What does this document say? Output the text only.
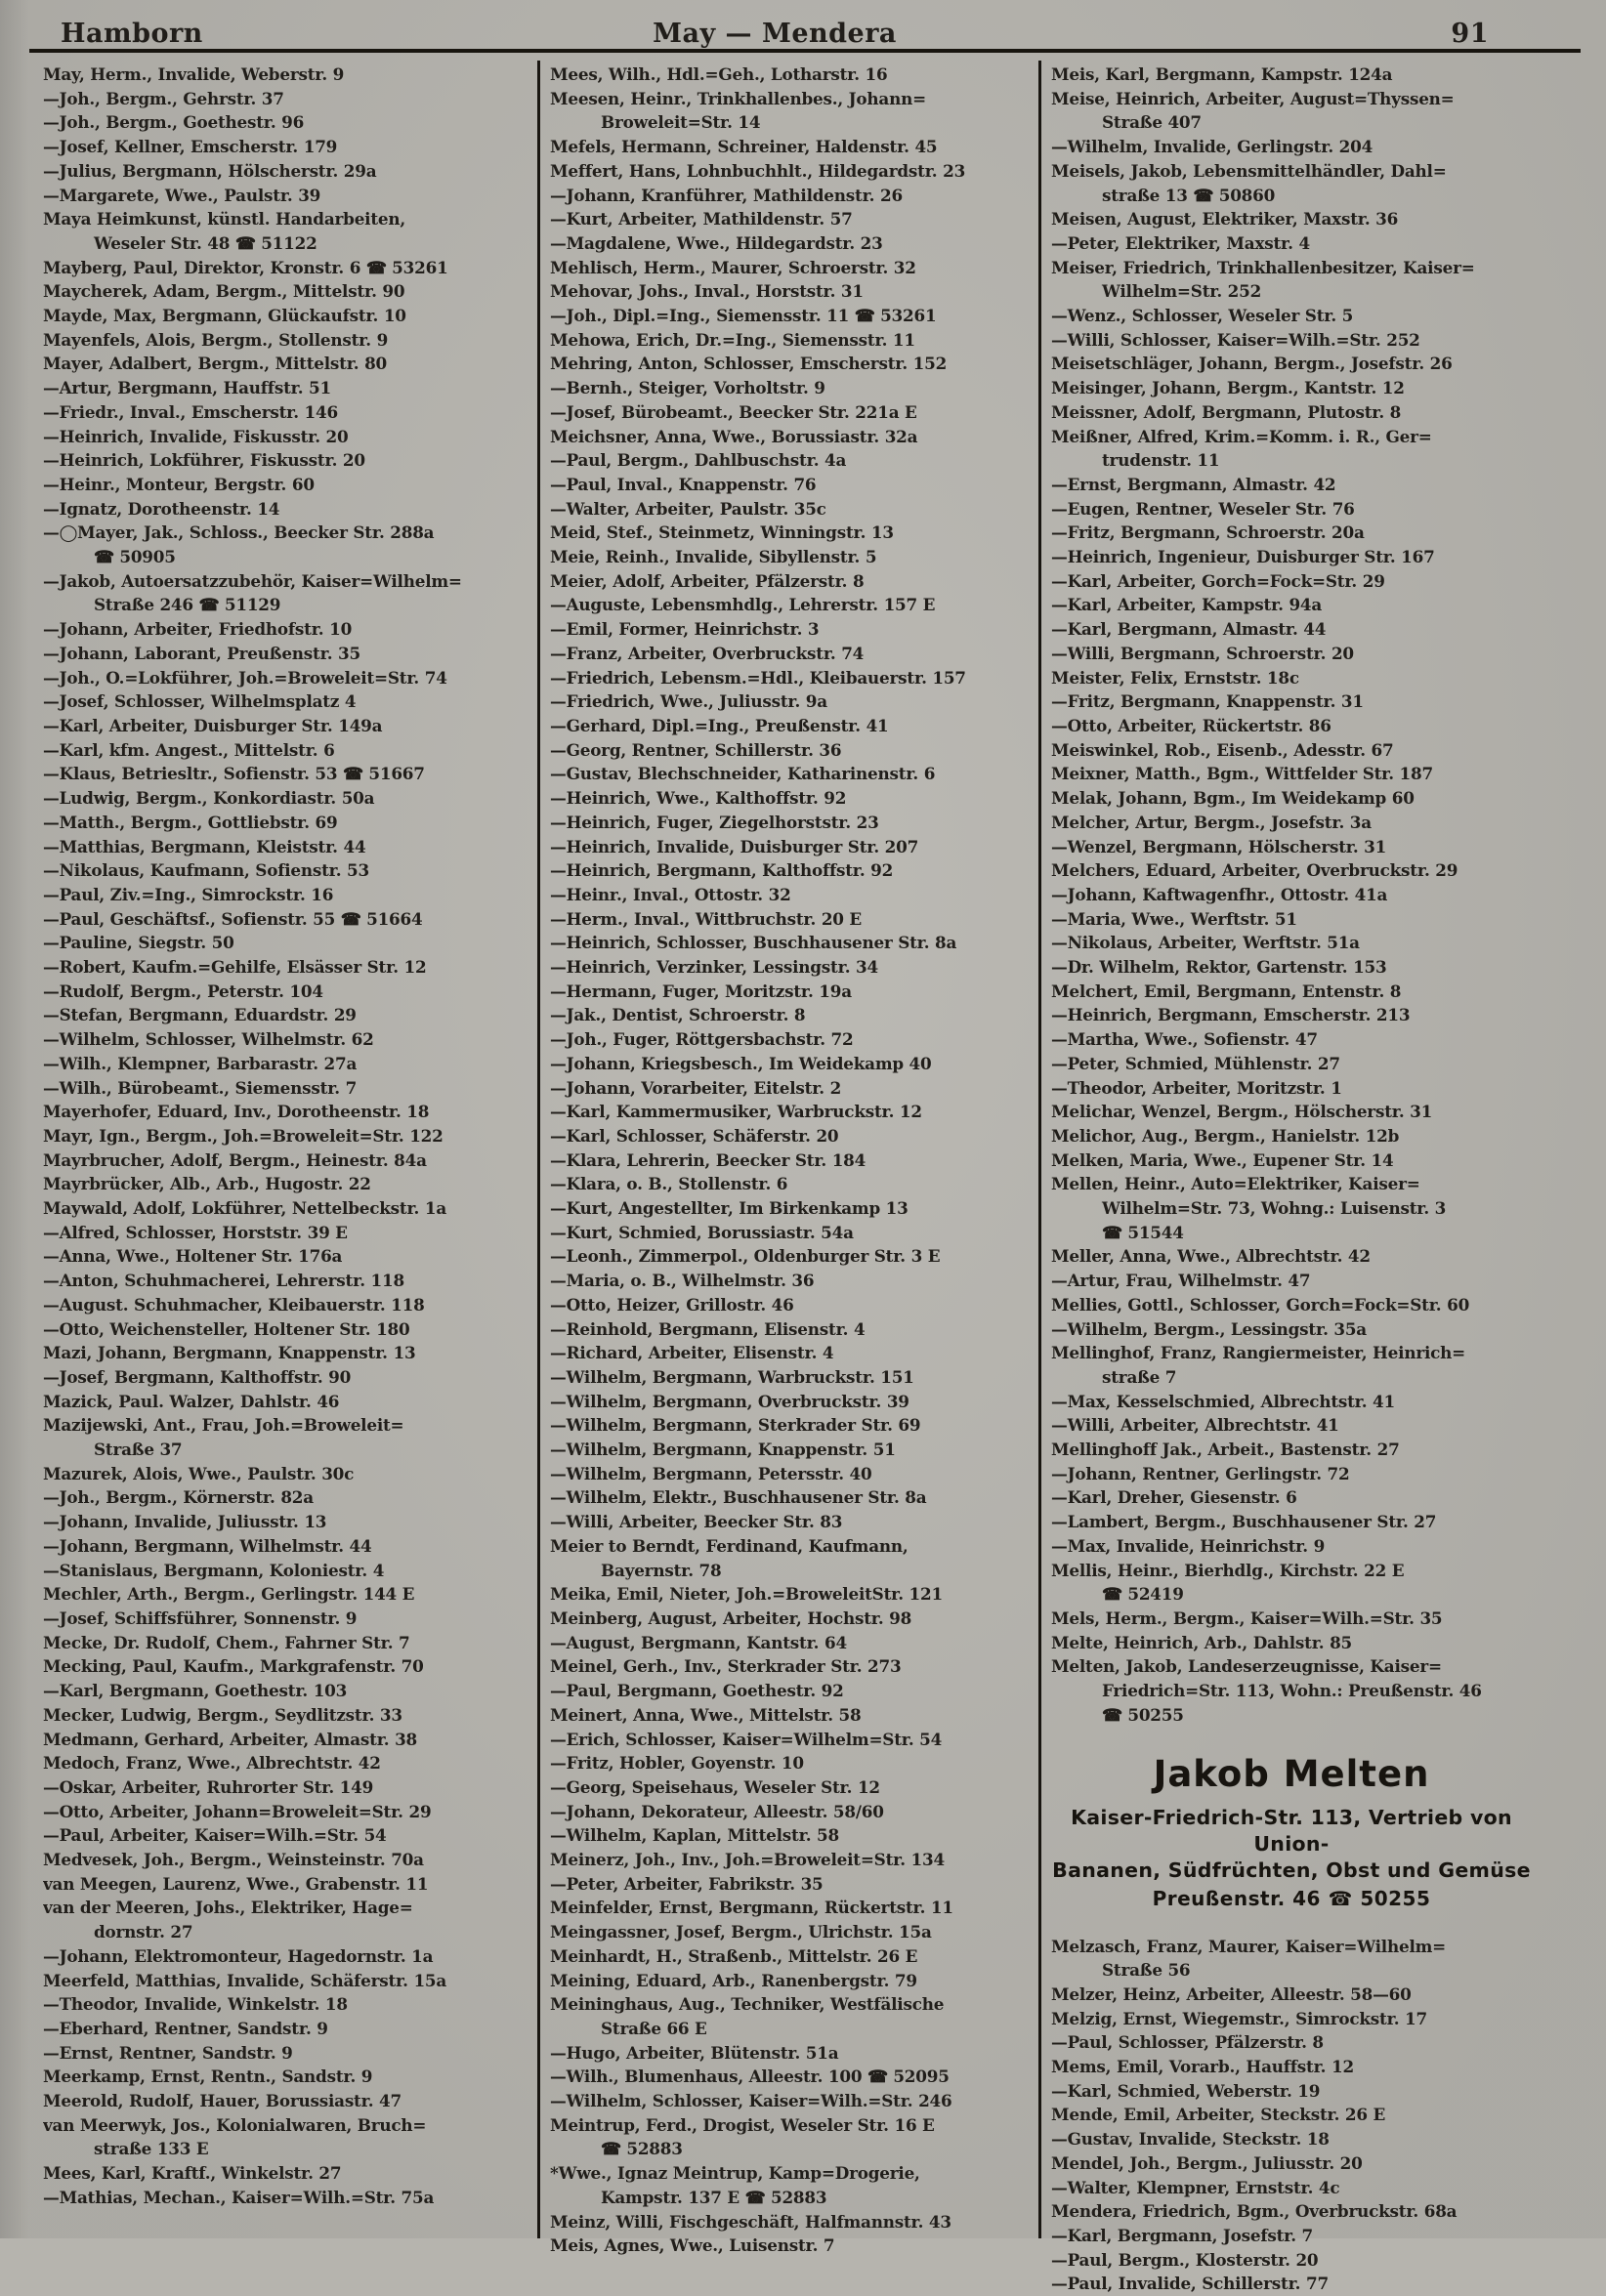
Hamborn	May — Mendera	91
May, Herm., Invalide, Weberstr. 9
—Joh., Bergm., Gehrstr. 37
—Joh., Bergm., Goethestr. 96
—Josef, Kellner, Emscherstr. 179
—Julius, Bergmann, Hölscherstr. 29a
—Margarete, Wwe., Paulstr. 39
Maya Heimkunst, künstl. Handarbeiten,
Weseler Str. 48 ☎ 51122
Mayberg, Paul, Direktor, Kronstr. 6 ☎ 53261
Maycherek, Adam, Bergm., Mittelstr. 90
Mayde, Max, Bergmann, Glückaufstr. 10
Mayenfels, Alois, Bergm., Stollenstr. 9
Mayer, Adalbert, Bergm., Mittelstr. 80
—Artur, Bergmann, Hauffstr. 51
—Friedr., Inval., Emscherstr. 146
—Heinrich, Invalide, Fiskusstr. 20
—Heinrich, Lokführer, Fiskusstr. 20
—Heinr., Monteur, Bergstr. 60
—Ignatz, Dorotheenstr. 14
—◯Mayer, Jak., Schloss., Beecker Str. 288a
☎ 50905
—Jakob, Autoersatzzubehör, Kaiser=Wilhelm=
Straße 246 ☎ 51129
—Johann, Arbeiter, Friedhofstr. 10
—Johann, Laborant, Preußenstr. 35
—Joh., O.=Lokführer, Joh.=Broweleit=Str. 74
—Josef, Schlosser, Wilhelmsplatz 4
—Karl, Arbeiter, Duisburger Str. 149a
—Karl, kfm. Angest., Mittelstr. 6
—Klaus, Betriesltr., Sofienstr. 53 ☎ 51667
—Ludwig, Bergm., Konkordiastr. 50a
—Matth., Bergm., Gottliebstr. 69
—Matthias, Bergmann, Kleiststr. 44
—Nikolaus, Kaufmann, Sofienstr. 53
—Paul, Ziv.=Ing., Simrockstr. 16
—Paul, Geschäftsf., Sofienstr. 55 ☎ 51664
—Pauline, Siegstr. 50
—Robert, Kaufm.=Gehilfe, Elsässer Str. 12
—Rudolf, Bergm., Peterstr. 104
—Stefan, Bergmann, Eduardstr. 29
—Wilhelm, Schlosser, Wilhelmstr. 62
—Wilh., Klempner, Barbarastr. 27a
—Wilh., Bürobeamt., Siemensstr. 7
Mayerhofer, Eduard, Inv., Dorotheenstr. 18
Mayr, Ign., Bergm., Joh.=Broweleit=Str. 122
Mayrbrucher, Adolf, Bergm., Heinestr. 84a
Mayrbrücker, Alb., Arb., Hugostr. 22
Maywald, Adolf, Lokführer, Nettelbeckstr. 1a
—Alfred, Schlosser, Horststr. 39 E
—Anna, Wwe., Holtener Str. 176a
—Anton, Schuhmacherei, Lehrerstr. 118
—August. Schuhmacher, Kleibauerstr. 118
—Otto, Weichensteller, Holtener Str. 180
Mazi, Johann, Bergmann, Knappenstr. 13
—Josef, Bergmann, Kalthoffstr. 90
Mazick, Paul. Walzer, Dahlstr. 46
Mazijewski, Ant., Frau, Joh.=Broweleit=
Straße 37
Mazurek, Alois, Wwe., Paulstr. 30c
—Joh., Bergm., Körnerstr. 82a
—Johann, Invalide, Juliusstr. 13
—Johann, Bergmann, Wilhelmstr. 44
—Stanislaus, Bergmann, Koloniestr. 4
Mechler, Arth., Bergm., Gerlingstr. 144 E
—Josef, Schiffsführer, Sonnenstr. 9
Mecke, Dr. Rudolf, Chem., Fahrner Str. 7
Mecking, Paul, Kaufm., Markgrafenstr. 70
—Karl, Bergmann, Goethestr. 103
Mecker, Ludwig, Bergm., Seydlitzstr. 33
Medmann, Gerhard, Arbeiter, Almastr. 38
Medoch, Franz, Wwe., Albrechtstr. 42
—Oskar, Arbeiter, Ruhrorter Str. 149
—Otto, Arbeiter, Johann=Broweleit=Str. 29
—Paul, Arbeiter, Kaiser=Wilh.=Str. 54
Medvesek, Joh., Bergm., Weinsteinstr. 70a
van Meegen, Laurenz, Wwe., Grabenstr. 11
van der Meeren, Johs., Elektriker, Hage=
dornstr. 27
—Johann, Elektromonteur, Hagedornstr. 1a
Meerfeld, Matthias, Invalide, Schäferstr. 15a
—Theodor, Invalide, Winkelstr. 18
—Eberhard, Rentner, Sandstr. 9
—Ernst, Rentner, Sandstr. 9
Meerkamp, Ernst, Rentn., Sandstr. 9
Meerold, Rudolf, Hauer, Borussiastr. 47
van Meerwyk, Jos., Kolonialwaren, Bruch=
straße 133 E
Mees, Karl, Kraftf., Winkelstr. 27
—Mathias, Mechan., Kaiser=Wilh.=Str. 75a
Mees, Wilh., Hdl.=Geh., Lotharstr. 16
Meesen, Heinr., Trinkhallenbes., Johann=
Broweleit=Str. 14
Mefels, Hermann, Schreiner, Haldenstr. 45
Meffert, Hans, Lohnbuchhlt., Hildegardstr. 23
—Johann, Kranführer, Mathildenstr. 26
—Kurt, Arbeiter, Mathildenstr. 57
—Magdalene, Wwe., Hildegardstr. 23
Mehlisch, Herm., Maurer, Schroerstr. 32
Mehovar, Johs., Inval., Horststr. 31
—Joh., Dipl.=Ing., Siemensstr. 11 ☎ 53261
Mehowa, Erich, Dr.=Ing., Siemensstr. 11
Mehring, Anton, Schlosser, Emscherstr. 152
—Bernh., Steiger, Vorholtstr. 9
—Josef, Bürobeamt., Beecker Str. 221a E
Meichsner, Anna, Wwe., Borussiastr. 32a
—Paul, Bergm., Dahlbuschstr. 4a
—Paul, Inval., Knappenstr. 76
—Walter, Arbeiter, Paulstr. 35c
Meid, Stef., Steinmetz, Winningstr. 13
Meie, Reinh., Invalide, Sibyllenstr. 5
Meier, Adolf, Arbeiter, Pfälzerstr. 8
—Auguste, Lebensmhdlg., Lehrerstr. 157 E
—Emil, Former, Heinrichstr. 3
—Franz, Arbeiter, Overbruckstr. 74
—Friedrich, Lebensm.=Hdl., Kleibauerstr. 157
—Friedrich, Wwe., Juliusstr. 9a
—Gerhard, Dipl.=Ing., Preußenstr. 41
—Georg, Rentner, Schillerstr. 36
—Gustav, Blechschneider, Katharinenstr. 6
—Heinrich, Wwe., Kalthoffstr. 92
—Heinrich, Fuger, Ziegelhorststr. 23
—Heinrich, Invalide, Duisburger Str. 207
—Heinrich, Bergmann, Kalthoffstr. 92
—Heinr., Inval., Ottostr. 32
—Herm., Inval., Wittbruchstr. 20 E
—Heinrich, Schlosser, Buschhausener Str. 8a
—Heinrich, Verzinker, Lessingstr. 34
—Hermann, Fuger, Moritzstr. 19a
—Jak., Dentist, Schroerstr. 8
—Joh., Fuger, Röttgersbachstr. 72
—Johann, Kriegsbesch., Im Weidekamp 40
—Johann, Vorarbeiter, Eitelstr. 2
—Karl, Kammermusiker, Warbruckstr. 12
—Karl, Schlosser, Schäferstr. 20
—Klara, Lehrerin, Beecker Str. 184
—Klara, o. B., Stollenstr. 6
—Kurt, Angestellter, Im Birkenkamp 13
—Kurt, Schmied, Borussiastr. 54a
—Leonh., Zimmerpol., Oldenburger Str. 3 E
—Maria, o. B., Wilhelmstr. 36
—Otto, Heizer, Grillostr. 46
—Reinhold, Bergmann, Elisenstr. 4
—Richard, Arbeiter, Elisenstr. 4
—Wilhelm, Bergmann, Warbruckstr. 151
—Wilhelm, Bergmann, Overbruckstr. 39
—Wilhelm, Bergmann, Sterkrader Str. 69
—Wilhelm, Bergmann, Knappenstr. 51
—Wilhelm, Bergmann, Petersstr. 40
—Wilhelm, Elektr., Buschhausener Str. 8a
—Willi, Arbeiter, Beecker Str. 83
Meier to Berndt, Ferdinand, Kaufmann,
Bayernstr. 78
Meika, Emil, Nieter, Joh.=BroweleitStr. 121
Meinberg, August, Arbeiter, Hochstr. 98
—August, Bergmann, Kantstr. 64
Meinel, Gerh., Inv., Sterkrader Str. 273
—Paul, Bergmann, Goethestr. 92
Meinert, Anna, Wwe., Mittelstr. 58
—Erich, Schlosser, Kaiser=Wilhelm=Str. 54
—Fritz, Hobler, Goyenstr. 10
—Georg, Speisehaus, Weseler Str. 12
—Johann, Dekorateur, Alleestr. 58/60
—Wilhelm, Kaplan, Mittelstr. 58
Meinerz, Joh., Inv., Joh.=Broweleit=Str. 134
—Peter, Arbeiter, Fabrikstr. 35
Meinfelder, Ernst, Bergmann, Rückertstr. 11
Meingassner, Josef, Bergm., Ulrichstr. 15a
Meinhardt, H., Straßenb., Mittelstr. 26 E
Meining, Eduard, Arb., Ranenbergstr. 79
Meininghaus, Aug., Techniker, Westfälische
Straße 66 E
—Hugo, Arbeiter, Blütenstr. 51a
—Wilh., Blumenhaus, Alleestr. 100 ☎ 52095
—Wilhelm, Schlosser, Kaiser=Wilh.=Str. 246
Meintrup, Ferd., Drogist, Weseler Str. 16 E
☎ 52883
*Wwe., Ignaz Meintrup, Kamp=Drogerie,
Kampstr. 137 E ☎ 52883
Meinz, Willi, Fischgeschäft, Halfmannstr. 43
Meis, Agnes, Wwe., Luisenstr. 7
Meis, Karl, Bergmann, Kampstr. 124a
Meise, Heinrich, Arbeiter, August=Thyssen=
Straße 407
—Wilhelm, Invalide, Gerlingstr. 204
Meisels, Jakob, Lebensmittelhändler, Dahl=
straße 13 ☎ 50860
Meisen, August, Elektriker, Maxstr. 36
—Peter, Elektriker, Maxstr. 4
Meiser, Friedrich, Trinkhallenbesitzer, Kaiser=
Wilhelm=Str. 252
—Wenz., Schlosser, Weseler Str. 5
—Willi, Schlosser, Kaiser=Wilh.=Str. 252
Meisetschläger, Johann, Bergm., Josefstr. 26
Meisinger, Johann, Bergm., Kantstr. 12
Meissner, Adolf, Bergmann, Plutostr. 8
Meißner, Alfred, Krim.=Komm. i. R., Ger=
trudenstr. 11
—Ernst, Bergmann, Almastr. 42
—Eugen, Rentner, Weseler Str. 76
—Fritz, Bergmann, Schroerstr. 20a
—Heinrich, Ingenieur, Duisburger Str. 167
—Karl, Arbeiter, Gorch=Fock=Str. 29
—Karl, Arbeiter, Kampstr. 94a
—Karl, Bergmann, Almastr. 44
—Willi, Bergmann, Schroerstr. 20
Meister, Felix, Ernststr. 18c
—Fritz, Bergmann, Knappenstr. 31
—Otto, Arbeiter, Rückertstr. 86
Meiswinkel, Rob., Eisenb., Adesstr. 67
Meixner, Matth., Bgm., Wittfelder Str. 187
Melak, Johann, Bgm., Im Weidekamp 60
Melcher, Artur, Bergm., Josefstr. 3a
—Wenzel, Bergmann, Hölscherstr. 31
Melchers, Eduard, Arbeiter, Overbruckstr. 29
—Johann, Kaftwagenfhr., Ottostr. 41a
—Maria, Wwe., Werftstr. 51
—Nikolaus, Arbeiter, Werftstr. 51a
—Dr. Wilhelm, Rektor, Gartenstr. 153
Melchert, Emil, Bergmann, Entenstr. 8
—Heinrich, Bergmann, Emscherstr. 213
—Martha, Wwe., Sofienstr. 47
—Peter, Schmied, Mühlenstr. 27
—Theodor, Arbeiter, Moritzstr. 1
Melichar, Wenzel, Bergm., Hölscherstr. 31
Melichor, Aug., Bergm., Hanielstr. 12b
Melken, Maria, Wwe., Eupener Str. 14
Mellen, Heinr., Auto=Elektriker, Kaiser=
Wilhelm=Str. 73, Wohng.: Luisenstr. 3
☎ 51544
Meller, Anna, Wwe., Albrechtstr. 42
—Artur, Frau, Wilhelmstr. 47
Mellies, Gottl., Schlosser, Gorch=Fock=Str. 60
—Wilhelm, Bergm., Lessingstr. 35a
Mellinghof, Franz, Rangiermeister, Heinrich=
straße 7
—Max, Kesselschmied, Albrechtstr. 41
—Willi, Arbeiter, Albrechtstr. 41
Mellinghoff Jak., Arbeit., Bastenstr. 27
—Johann, Rentner, Gerlingstr. 72
—Karl, Dreher, Giesenstr. 6
—Lambert, Bergm., Buschhausener Str. 27
—Max, Invalide, Heinrichstr. 9
Mellis, Heinr., Bierhdlg., Kirchstr. 22 E
☎ 52419
Mels, Herm., Bergm., Kaiser=Wilh.=Str. 35
Melte, Heinrich, Arb., Dahlstr. 85
Melten, Jakob, Landeserzeugnisse, Kaiser=
Friedrich=Str. 113, Wohn.: Preußenstr. 46
☎ 50255
Jakob Melten
Kaiser-Friedrich-Str. 113, Vertrieb von Union-
Bananen, Südfrüchten, Obst und Gemüse
Preußenstr. 46 ☎ 50255
Melzasch, Franz, Maurer, Kaiser=Wilhelm=
Straße 56
Melzer, Heinz, Arbeiter, Alleestr. 58—60
Melzig, Ernst, Wiegemstr., Simrockstr. 17
—Paul, Schlosser, Pfälzerstr. 8
Mems, Emil, Vorarb., Hauffstr. 12
—Karl, Schmied, Weberstr. 19
Mende, Emil, Arbeiter, Steckstr. 26 E
—Gustav, Invalide, Steckstr. 18
Mendel, Joh., Bergm., Juliusstr. 20
—Walter, Klempner, Ernststr. 4c
Mendera, Friedrich, Bgm., Overbruckstr. 68a
—Karl, Bergmann, Josefstr. 7
—Paul, Bergm., Klosterstr. 20
—Paul, Invalide, Schillerstr. 77
